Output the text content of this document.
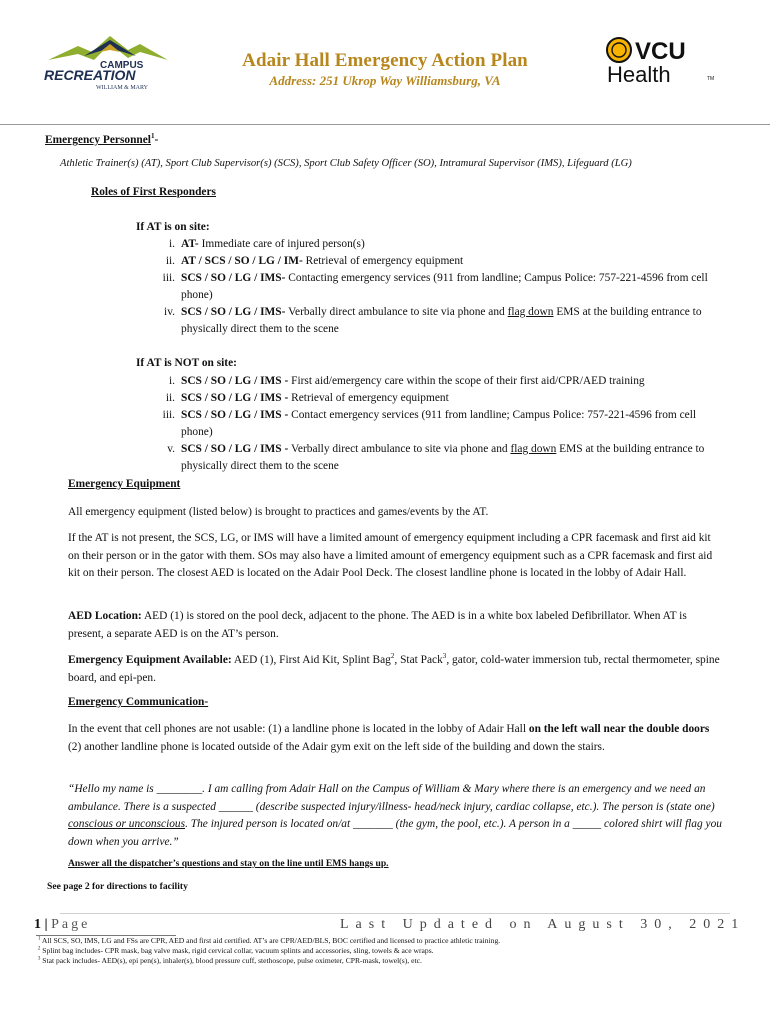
CAMPUS
RECREATION
WILLIAM & MARY
Adair Hall Emergency Action Plan
Address: 251 Ukrop Way Williamsburg, VA
VCU
Health	TM
Emergency Personnel$^1$-
Athletic Trainer(s) (AT), Sport Club Supervisor(s) (SCS), Sport Club Safety Officer (SO), Intramural Supervisor (IMS), Lifeguard (LG)
Roles of First Responders
If AT is on site:
i. AT- Immediate care of injured person(s)
ii. AT / SCS / SO / LG / IM- Retrieval of emergency equipment
iii. SCS / SO / LG / IMS- Contacting emergency services (911 from landline; Campus Police: 757-221-4596 from cell phone)
iv. SCS / SO / LG / IMS- Verbally direct ambulance to site via phone and flag down EMS at the building entrance to physically direct them to the scene
If AT is NOT on site:
i. SCS / SO / LG / IMS - First aid/emergency care within the scope of their first aid/CPR/AED training
ii. SCS / SO / LG / IMS - Retrieval of emergency equipment
iii. SCS / SO / LG / IMS - Contact emergency services (911 from landline; Campus Police: 757-221-4596 from cell phone)
v. SCS / SO / LG / IMS - Verbally direct ambulance to site via phone and flag down EMS at the building entrance to physically direct them to the scene
Emergency Equipment
All emergency equipment (listed below) is brought to practices and games/events by the AT.
If the AT is not present, the SCS, LG, or IMS will have a limited amount of emergency equipment including a CPR facemask and first aid kit on their person or in the gator with them. SOs may also have a limited amount of emergency equipment such as a CPR facemask and first aid kit on their person. The closest AED is located on the Adair Pool Deck. The closest landline phone is located in the lobby of Adair Hall.
AED Location: AED (1) is stored on the pool deck, adjacent to the phone. The AED is in a white box labeled Defibrillator. When AT is present, a separate AED is on the AT’s person.
Emergency Equipment Available: AED (1), First Aid Kit, Splint Bag$^2$, Stat Pack$^3$, gator, cold-water immersion tub, rectal thermometer, spine board, and epi-pen.
Emergency Communication-
In the event that cell phones are not usable: (1) a landline phone is located in the lobby of Adair Hall on the left wall near the double doors (2) another landline phone is located outside of the Adair gym exit on the left side of the building and down the stairs.
“Hello my name is ________. I am calling from Adair Hall on the Campus of William & Mary where there is an emergency and we need an ambulance. There is a suspected ______ (describe suspected injury/illness- head/neck injury, cardiac collapse, etc.). The person is (state one) conscious or unconscious. The injured person is located on/at _______ (the gym, the pool, etc.). A person in a _____ colored shirt will flag you down when you arrive.”
Answer all the dispatcher’s questions and stay on the line until EMS hangs up.
See page 2 for directions to facility
1 | Page	Last Updated on August 30, 2021
$^1$ All SCS, SO, IMS, LG and FSs are CPR, AED and first aid certified. AT’s are CPR/AED/BLS, BOC certified and licensed to practice athletic training.
$^2$ Splint bag includes- CPR mask, bag valve mask, rigid cervical collar, vacuum splints and accessories, sling, towels & ace wraps.
$^3$ Stat pack includes- AED(s), epi pen(s), inhaler(s), blood pressure cuff, stethoscope, pulse oximeter, CPR-mask, towel(s), etc.
